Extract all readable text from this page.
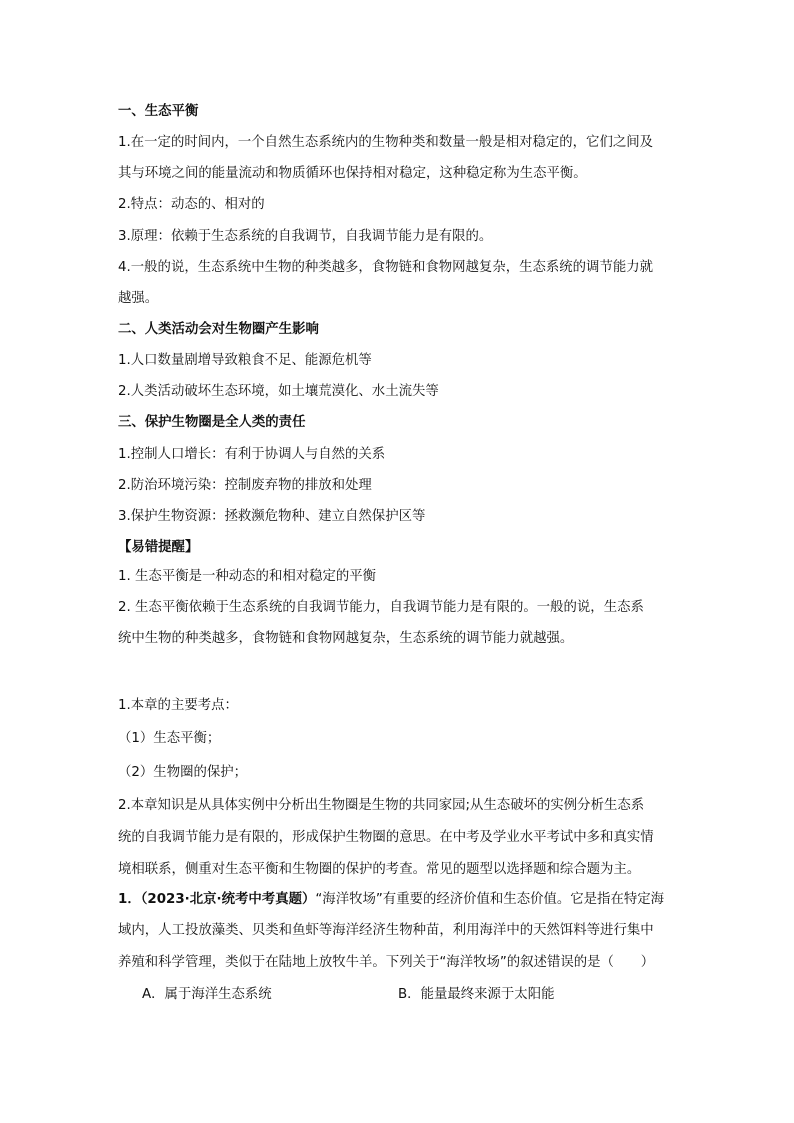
一、生态平衡
1.在一定的时间内，一个自然生态系统内的生物种类和数量一般是相对稳定的，它们之间及
其与环境之间的能量流动和物质循环也保持相对稳定，这种稳定称为生态平衡。
2.特点：动态的、相对的
3.原理：依赖于生态系统的自我调节，自我调节能力是有限的。
4.一般的说，生态系统中生物的种类越多，食物链和食物网越复杂，生态系统的调节能力就
越强。
二、人类活动会对生物圈产生影响
1.人口数量剧增导致粮食不足、能源危机等
2.人类活动破坏生态环境，如土壤荒漠化、水土流失等
三、保护生物圈是全人类的责任
1.控制人口增长：有利于协调人与自然的关系
2.防治环境污染：控制废弃物的排放和处理
3.保护生物资源：拯救濒危物种、建立自然保护区等
【易错提醒】
1. 生态平衡是一种动态的和相对稳定的平衡
2. 生态平衡依赖于生态系统的自我调节能力，自我调节能力是有限的。一般的说，生态系
统中生物的种类越多，食物链和食物网越复杂，生态系统的调节能力就越强。
1.本章的主要考点：
（1）生态平衡；
（2）生物圈的保护；
2.本章知识是从具体实例中分析出生物圈是生物的共同家园;从生态破坏的实例分析生态系
统的自我调节能力是有限的，形成保护生物圈的意思。在中考及学业水平考试中多和真实情
境相联系，侧重对生态平衡和生物圈的保护的考查。常见的题型以选择题和综合题为主。
1．（2023·北京·统考中考真题）“海洋牧场”有重要的经济价值和生态价值。它是指在特定海
域内，人工投放藻类、贝类和鱼虾等海洋经济生物种苗，利用海洋中的天然饵料等进行集中
养殖和科学管理，类似于在陆地上放牧牛羊。下列关于“海洋牧场”的叙述错误的是（　　）
A．属于海洋生态系统	B．能量最终来源于太阳能
